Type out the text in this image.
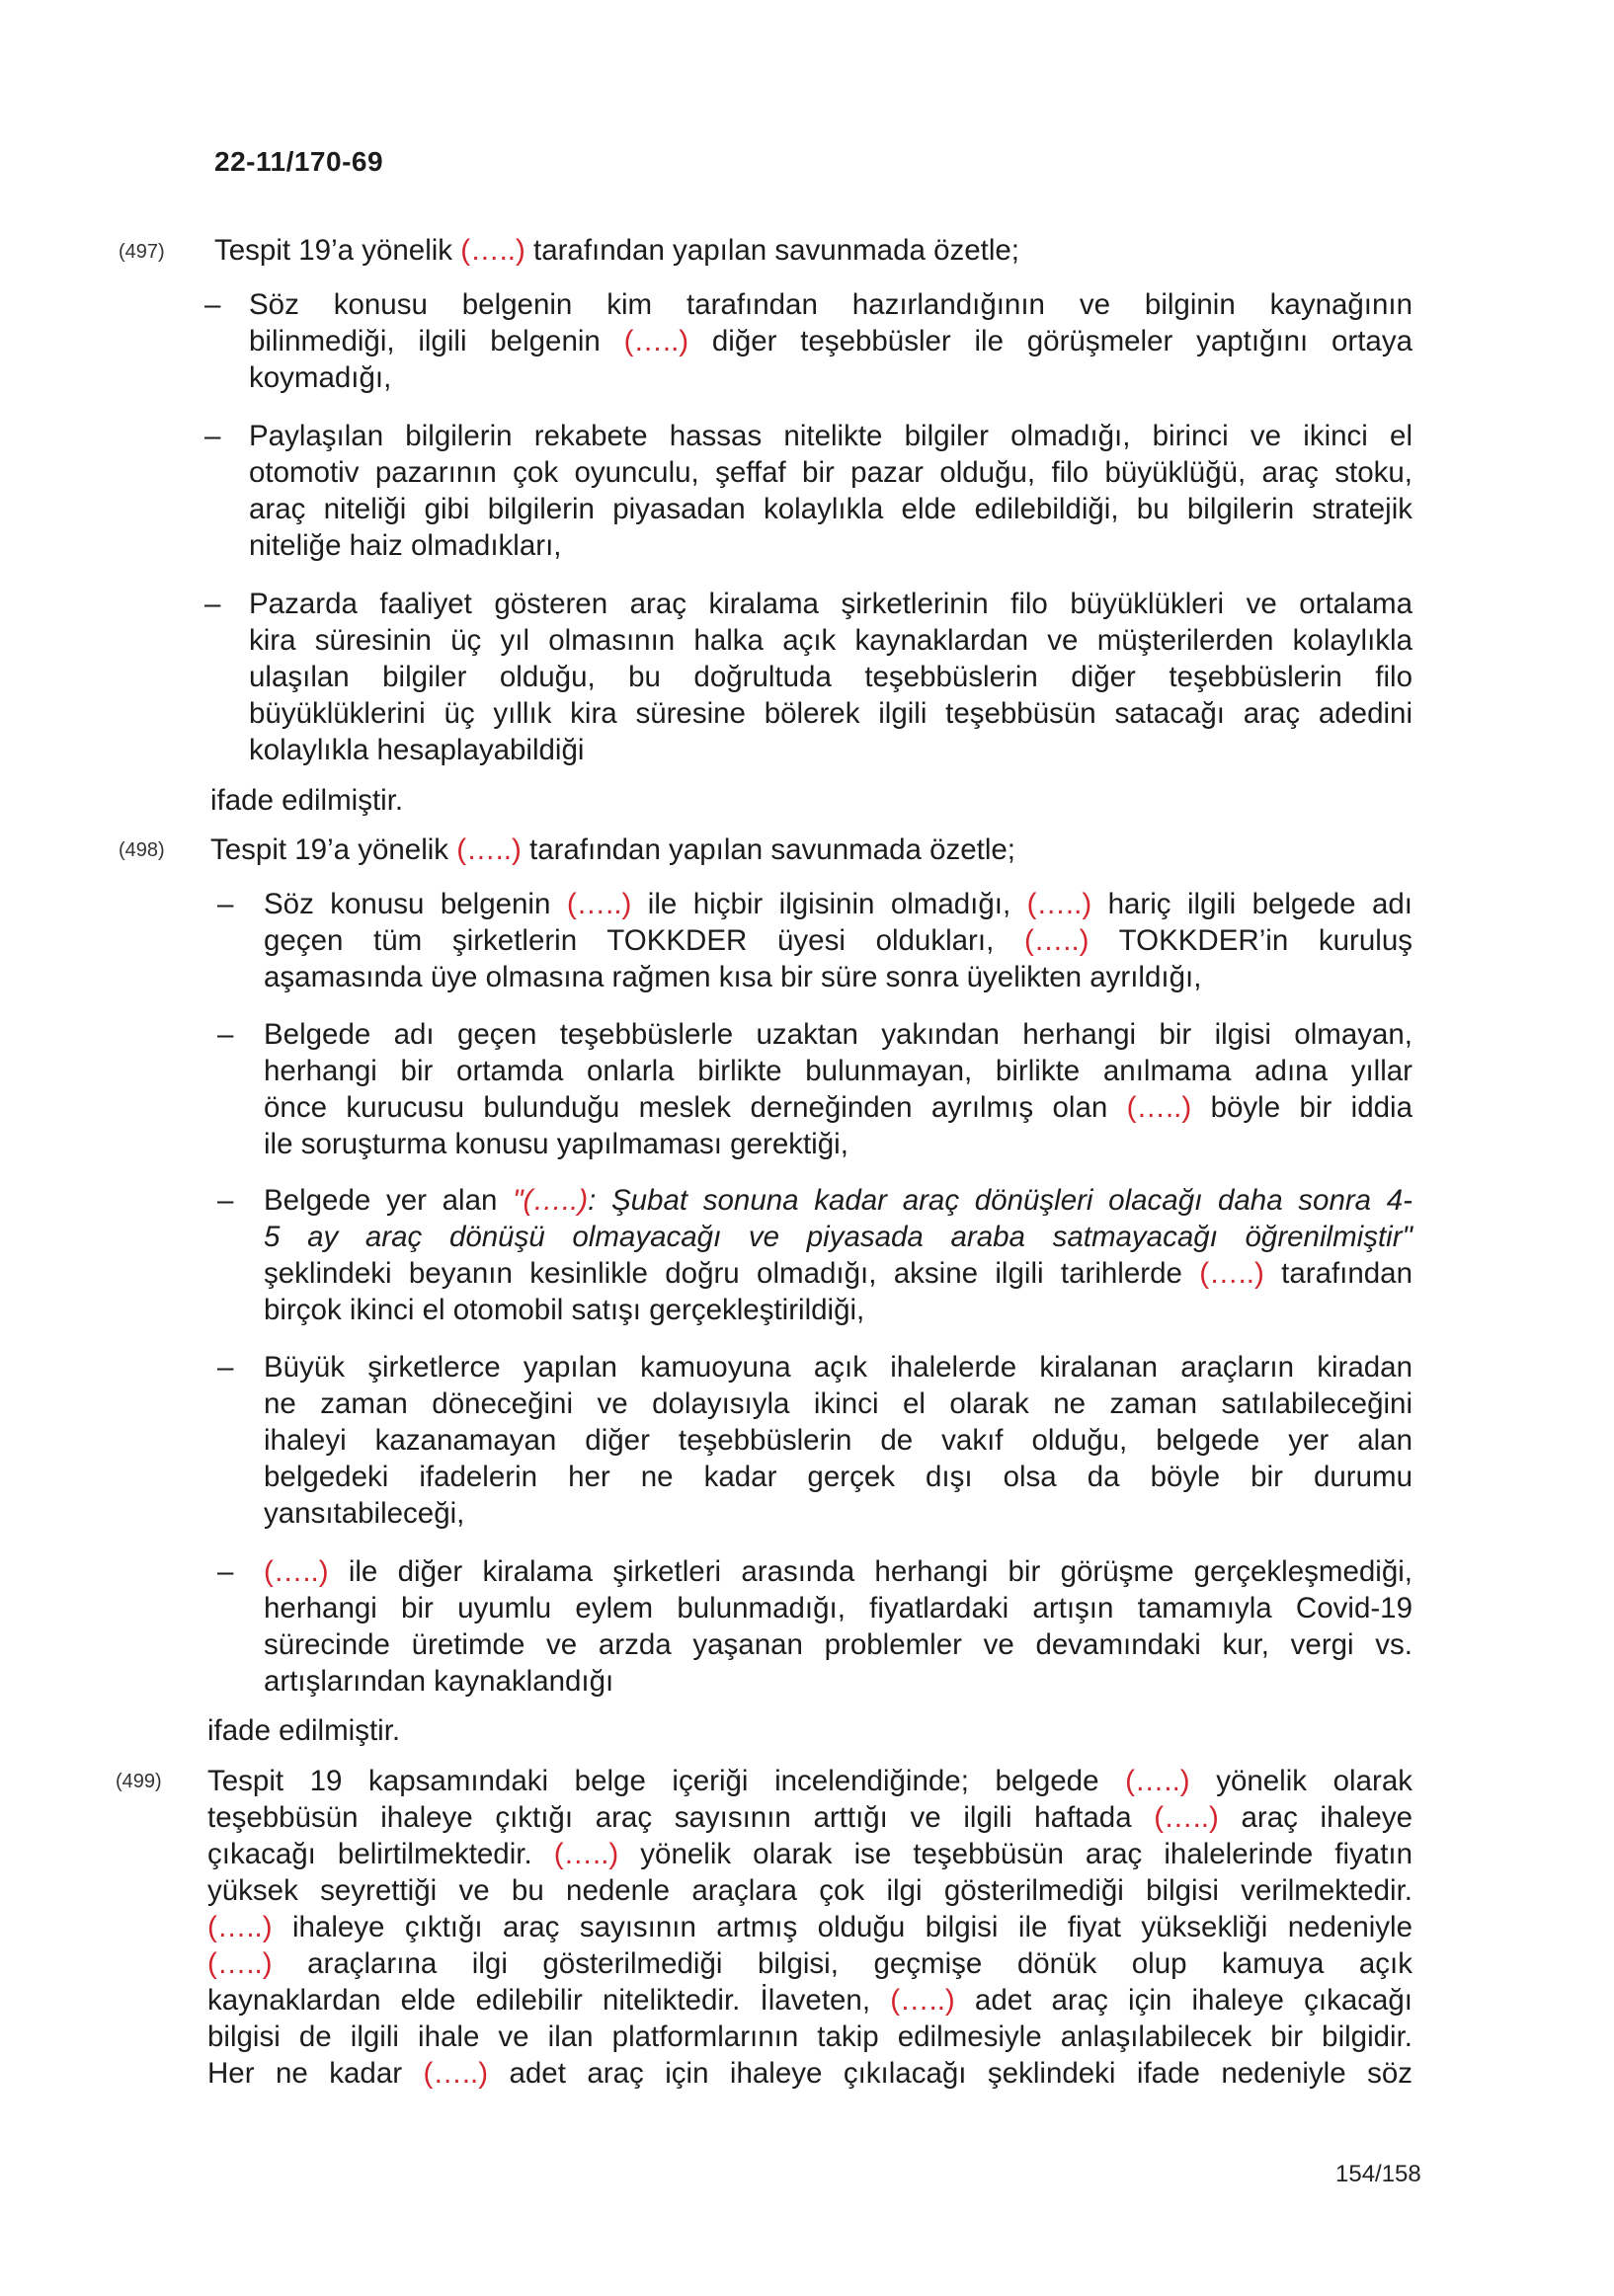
22-11/170-69
(497) Tespit 19’a yönelik (…..) tarafından yapılan savunmada özetle;
– Söz konusu belgenin kim tarafından hazırlandığının ve bilginin kaynağının
bilinmediği, ilgili belgenin (…..) diğer teşebbüsler ile görüşmeler yaptığını ortaya
koymadığı,
– Paylaşılan bilgilerin rekabete hassas nitelikte bilgiler olmadığı, birinci ve ikinci el
otomotiv pazarının çok oyunculu, şeffaf bir pazar olduğu, filo büyüklüğü, araç stoku,
araç niteliği gibi bilgilerin piyasadan kolaylıkla elde edilebildiği, bu bilgilerin stratejik
niteliğe haiz olmadıkları,
– Pazarda faaliyet gösteren araç kiralama şirketlerinin filo büyüklükleri ve ortalama
kira süresinin üç yıl olmasının halka açık kaynaklardan ve müşterilerden kolaylıkla
ulaşılan bilgiler olduğu, bu doğrultuda teşebbüslerin diğer teşebbüslerin filo
büyüklüklerini üç yıllık kira süresine bölerek ilgili teşebbüsün satacağı araç adedini
kolaylıkla hesaplayabildiği
ifade edilmiştir.
(498) Tespit 19’a yönelik (…..) tarafından yapılan savunmada özetle;
– Söz konusu belgenin (…..) ile hiçbir ilgisinin olmadığı, (…..) hariç ilgili belgede adı
geçen tüm şirketlerin TOKKDER üyesi oldukları, (…..) TOKKDER’in kuruluş
aşamasında üye olmasına rağmen kısa bir süre sonra üyelikten ayrıldığı,
– Belgede adı geçen teşebbüslerle uzaktan yakından herhangi bir ilgisi olmayan,
herhangi bir ortamda onlarla birlikte bulunmayan, birlikte anılmama adına yıllar
önce kurucusu bulunduğu meslek derneğinden ayrılmış olan (…..) böyle bir iddia
ile soruşturma konusu yapılmaması gerektiği,
– Belgede yer alan "(…..): Şubat sonuna kadar araç dönüşleri olacağı daha sonra 4-
5 ay araç dönüşü olmayacağı ve piyasada araba satmayacağı öğrenilmiştir"
şeklindeki beyanın kesinlikle doğru olmadığı, aksine ilgili tarihlerde (…..) tarafından
birçok ikinci el otomobil satışı gerçekleştirildiği,
– Büyük şirketlerce yapılan kamuoyuna açık ihalelerde kiralanan araçların kiradan
ne zaman döneceğini ve dolayısıyla ikinci el olarak ne zaman satılabileceğini
ihaleyi kazanamayan diğer teşebbüslerin de vakıf olduğu, belgede yer alan
belgedeki ifadelerin her ne kadar gerçek dışı olsa da böyle bir durumu
yansıtabileceği,
– (…..) ile diğer kiralama şirketleri arasında herhangi bir görüşme gerçekleşmediği,
herhangi bir uyumlu eylem bulunmadığı, fiyatlardaki artışın tamamıyla Covid-19
sürecinde üretimde ve arzda yaşanan problemler ve devamındaki kur, vergi vs.
artışlarından kaynaklandığı
ifade edilmiştir.
(499) Tespit 19 kapsamındaki belge içeriği incelendiğinde; belgede (…..) yönelik olarak
teşebbüsün ihaleye çıktığı araç sayısının arttığı ve ilgili haftada (…..) araç ihaleye
çıkacağı belirtilmektedir. (…..) yönelik olarak ise teşebbüsün araç ihalelerinde fiyatın
yüksek seyrettiği ve bu nedenle araçlara çok ilgi gösterilmediği bilgisi verilmektedir.
(…..) ihaleye çıktığı araç sayısının artmış olduğu bilgisi ile fiyat yüksekliği nedeniyle
(…..) araçlarına ilgi gösterilmediği bilgisi, geçmişe dönük olup kamuya açık
kaynaklardan elde edilebilir niteliktedir. İlaveten, (…..) adet araç için ihaleye çıkacağı
bilgisi de ilgili ihale ve ilan platformlarının takip edilmesiyle anlaşılabilecek bir bilgidir.
Her ne kadar (…..) adet araç için ihaleye çıkılacağı şeklindeki ifade nedeniyle söz
154/158
